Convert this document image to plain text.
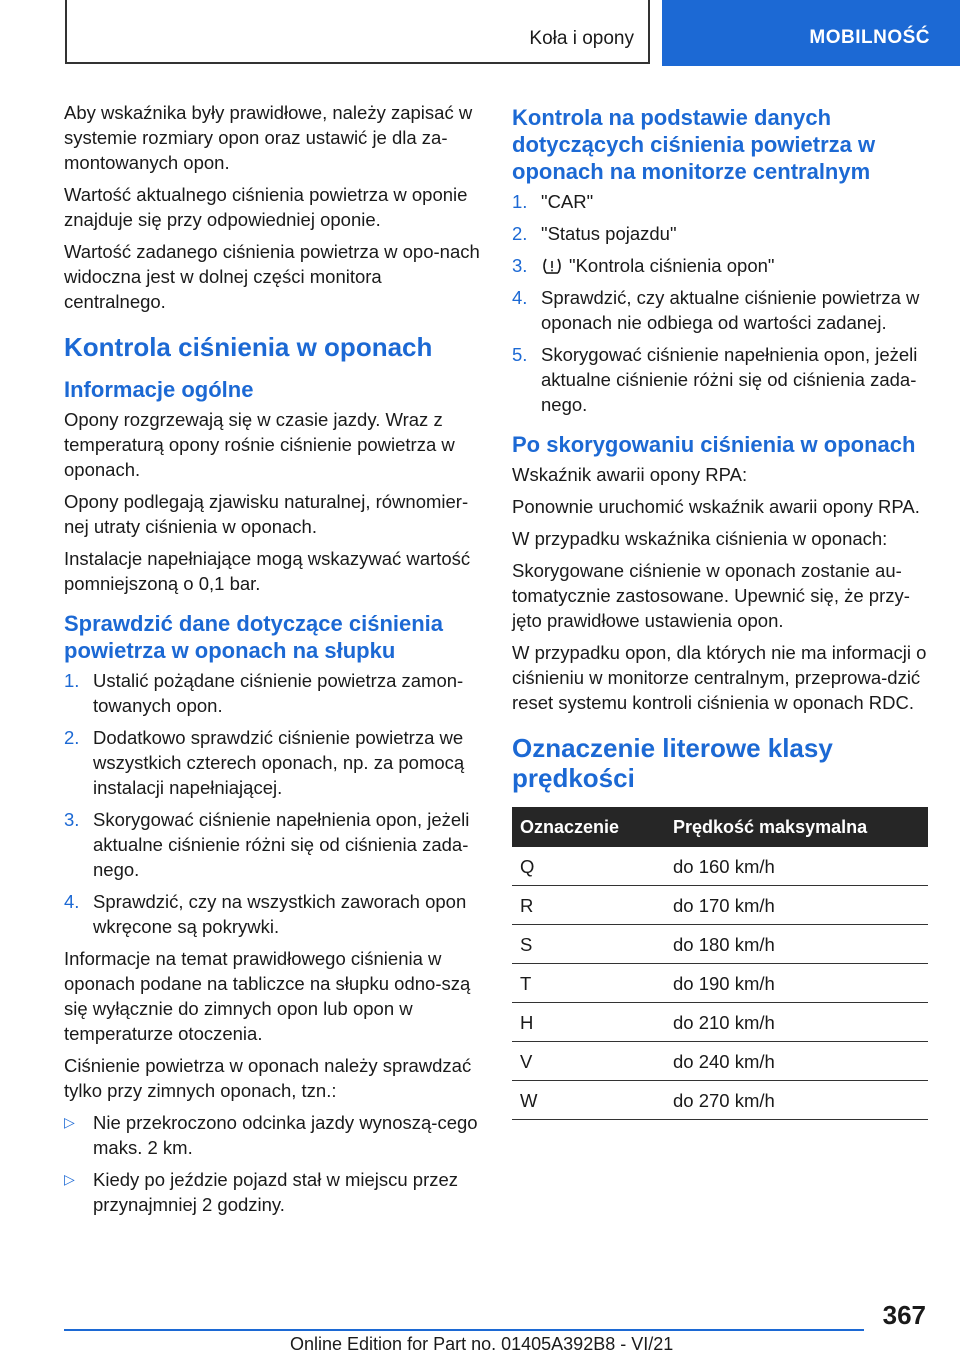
Koła i opony	MOBILNOŚĆ

Aby wskaźnika były prawidłowe, należy zapisać w systemie rozmiary opon oraz ustawić je dla za-montowanych opon.

Wartość aktualnego ciśnienia powietrza w oponie znajduje się przy odpowiedniej oponie.

Wartość zadanego ciśnienia powietrza w opo-nach widoczna jest w dolnej części monitora centralnego.

Kontrola ciśnienia w oponach
Informacje ogólne

Opony rozgrzewają się w czasie jazdy. Wraz z temperaturą opony rośnie ciśnienie powietrza w oponach.

Opony podlegają zjawisku naturalnej, równomier-nej utraty ciśnienia w oponach.

Instalacje napełniające mogą wskazywać wartość pomniejszoną o 0,1 bar.

Sprawdzić dane dotyczące ciśnienia powietrza w oponach na słupku
1. Ustalić pożądane ciśnienie powietrza zamon-towanych opon.
2. Dodatkowo sprawdzić ciśnienie powietrza we wszystkich czterech oponach, np. za pomocą instalacji napełniającej.
3. Skorygować ciśnienie napełnienia opon, jeżeli aktualne ciśnienie różni się od ciśnienia zada-nego.
4. Sprawdzić, czy na wszystkich zaworach opon wkręcone są pokrywki.

Informacje na temat prawidłowego ciśnienia w oponach podane na tabliczce na słupku odno-szą się wyłącznie do zimnych opon lub opon w temperaturze otoczenia.

Ciśnienie powietrza w oponach należy sprawdzać tylko przy zimnych oponach, tzn.:

▷ Nie przekroczono odcinka jazdy wynoszą-cego maks. 2 km.
▷ Kiedy po jeździe pojazd stał w miejscu przez przynajmniej 2 godziny.
Kontrola na podstawie danych dotyczących ciśnienia powietrza w oponach na monitorze centralnym
1. "CAR"
2. "Status pojazdu"
3. "Kontrola ciśnienia opon"
4. Sprawdzić, czy aktualne ciśnienie powietrza w oponach nie odbiega od wartości zadanej.
5. Skorygować ciśnienie napełnienia opon, jeżeli aktualne ciśnienie różni się od ciśnienia zada-nego.
Po skorygowaniu ciśnienia w oponach

Wskaźnik awarii opony RPA:

Ponownie uruchomić wskaźnik awarii opony RPA.

W przypadku wskaźnika ciśnienia w oponach:

Skorygowane ciśnienie w oponach zostanie au-tomatycznie zastosowane. Upewnić się, że przy-jęto prawidłowe ustawienia opon.

W przypadku opon, dla których nie ma informacji o ciśnieniu w monitorze centralnym, przeprowa-dzić reset systemu kontroli ciśnienia w oponach RDC.

Oznaczenie literowe klasy prędkości
Oznaczenie	Prędkość maksymalna
Q	do 160 km/h
R	do 170 km/h
S	do 180 km/h
T	do 190 km/h
H	do 210 km/h
V	do 240 km/h
W	do 270 km/h
367
Online Edition for Part no. 01405A392B8 - VI/21
